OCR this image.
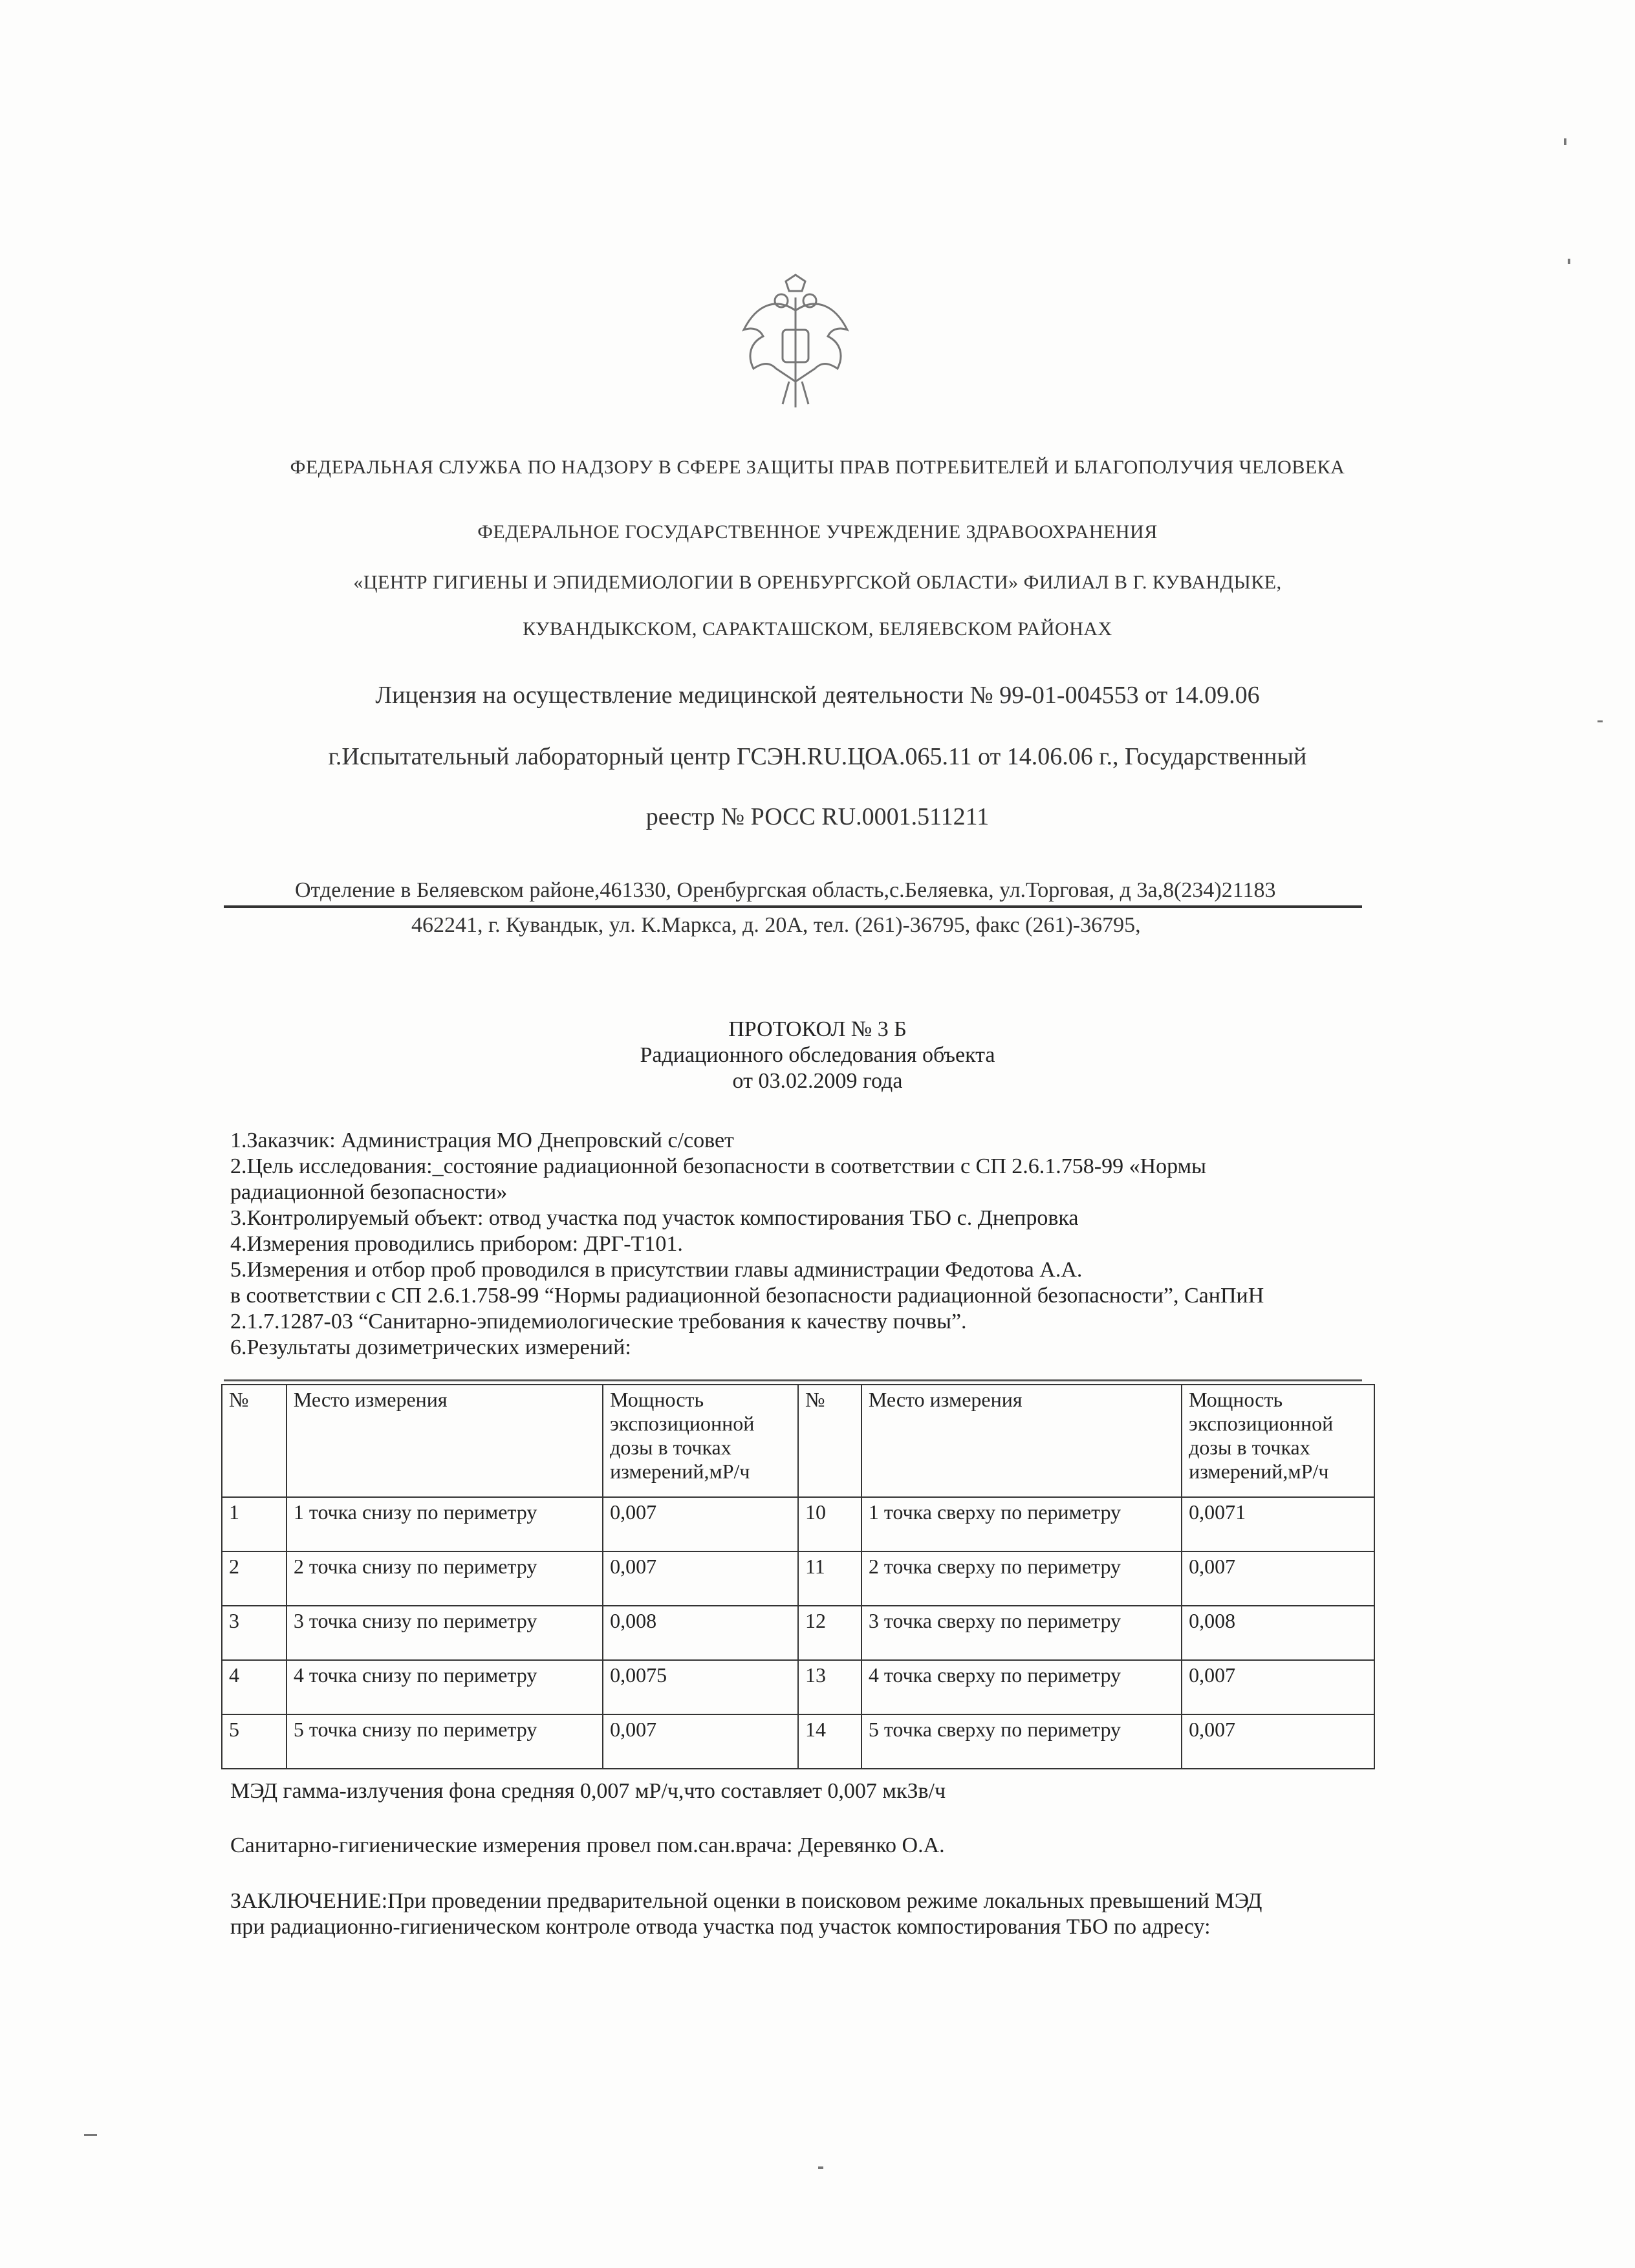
ФЕДЕРАЛЬНАЯ СЛУЖБА ПО НАДЗОРУ В СФЕРЕ ЗАЩИТЫ ПРАВ ПОТРЕБИТЕЛЕЙ И БЛАГОПОЛУЧИЯ ЧЕЛОВЕКА
ФЕДЕРАЛЬНОЕ ГОСУДАРСТВЕННОЕ УЧРЕЖДЕНИЕ ЗДРАВООХРАНЕНИЯ
«ЦЕНТР ГИГИЕНЫ И ЭПИДЕМИОЛОГИИ В ОРЕНБУРГСКОЙ ОБЛАСТИ» ФИЛИАЛ В Г. КУВАНДЫКЕ,
КУВАНДЫКСКОМ, САРАКТАШСКОМ, БЕЛЯЕВСКОМ РАЙОНАХ
Лицензия на осуществление медицинской деятельности № 99-01-004553 от 14.09.06
г.Испытательный лабораторный центр ГСЭН.RU.ЦОА.065.11 от 14.06.06 г., Государственный
реестр № РОСС RU.0001.511211
Отделение в Беляевском районе,461330, Оренбургская область,с.Беляевка, ул.Торговая, д 3а,8(234)21183
462241, г. Кувандык, ул. К.Маркса, д. 20А, тел. (261)-36795, факс (261)-36795,
ПРОТОКОЛ № 3 Б
Радиационного обследования объекта
от 03.02.2009 года
1.Заказчик: Администрация МО Днепровский с/совет
2.Цель исследования:_состояние радиационной безопасности в соответствии с СП 2.6.1.758-99 «Нормы
радиационной безопасности»
3.Контролируемый объект: отвод участка под участок компостирования ТБО с. Днепровка
4.Измерения проводились прибором: ДРГ-Т101.
5.Измерения и отбор проб проводился в присутствии главы администрации Федотова А.А.
в соответствии с СП 2.6.1.758-99 “Нормы радиационной безопасности радиационной безопасности”, СанПиН
2.1.7.1287-03 “Санитарно-эпидемиологические требования к качеству почвы”.
6.Результаты дозиметрических измерений:
№	Место измерения	Мощность экспозиционной дозы в точках измерений,мР/ч	№	Место измерения	Мощность экспозиционной дозы в точках измерений,мР/ч
1	1 точка снизу по периметру	0,007	10	1 точка сверху по периметру	0,0071
2	2 точка снизу по периметру	0,007	11	2 точка сверху по периметру	0,007
3	3 точка снизу по периметру	0,008	12	3 точка сверху по периметру	0,008
4	4 точка снизу по периметру	0,0075	13	4 точка сверху по периметру	0,007
5	5 точка снизу по периметру	0,007	14	5 точка сверху по периметру	0,007
МЭД гамма-излучения фона средняя 0,007 мР/ч,что составляет 0,007 мкЗв/ч
Санитарно-гигиенические измерения провел пом.сан.врача: Деревянко О.А.
ЗАКЛЮЧЕНИЕ:При проведении предварительной оценки в поисковом режиме локальных превышений МЭД
при радиационно-гигиеническом контроле отвода участка под участок компостирования ТБО по адресу:
